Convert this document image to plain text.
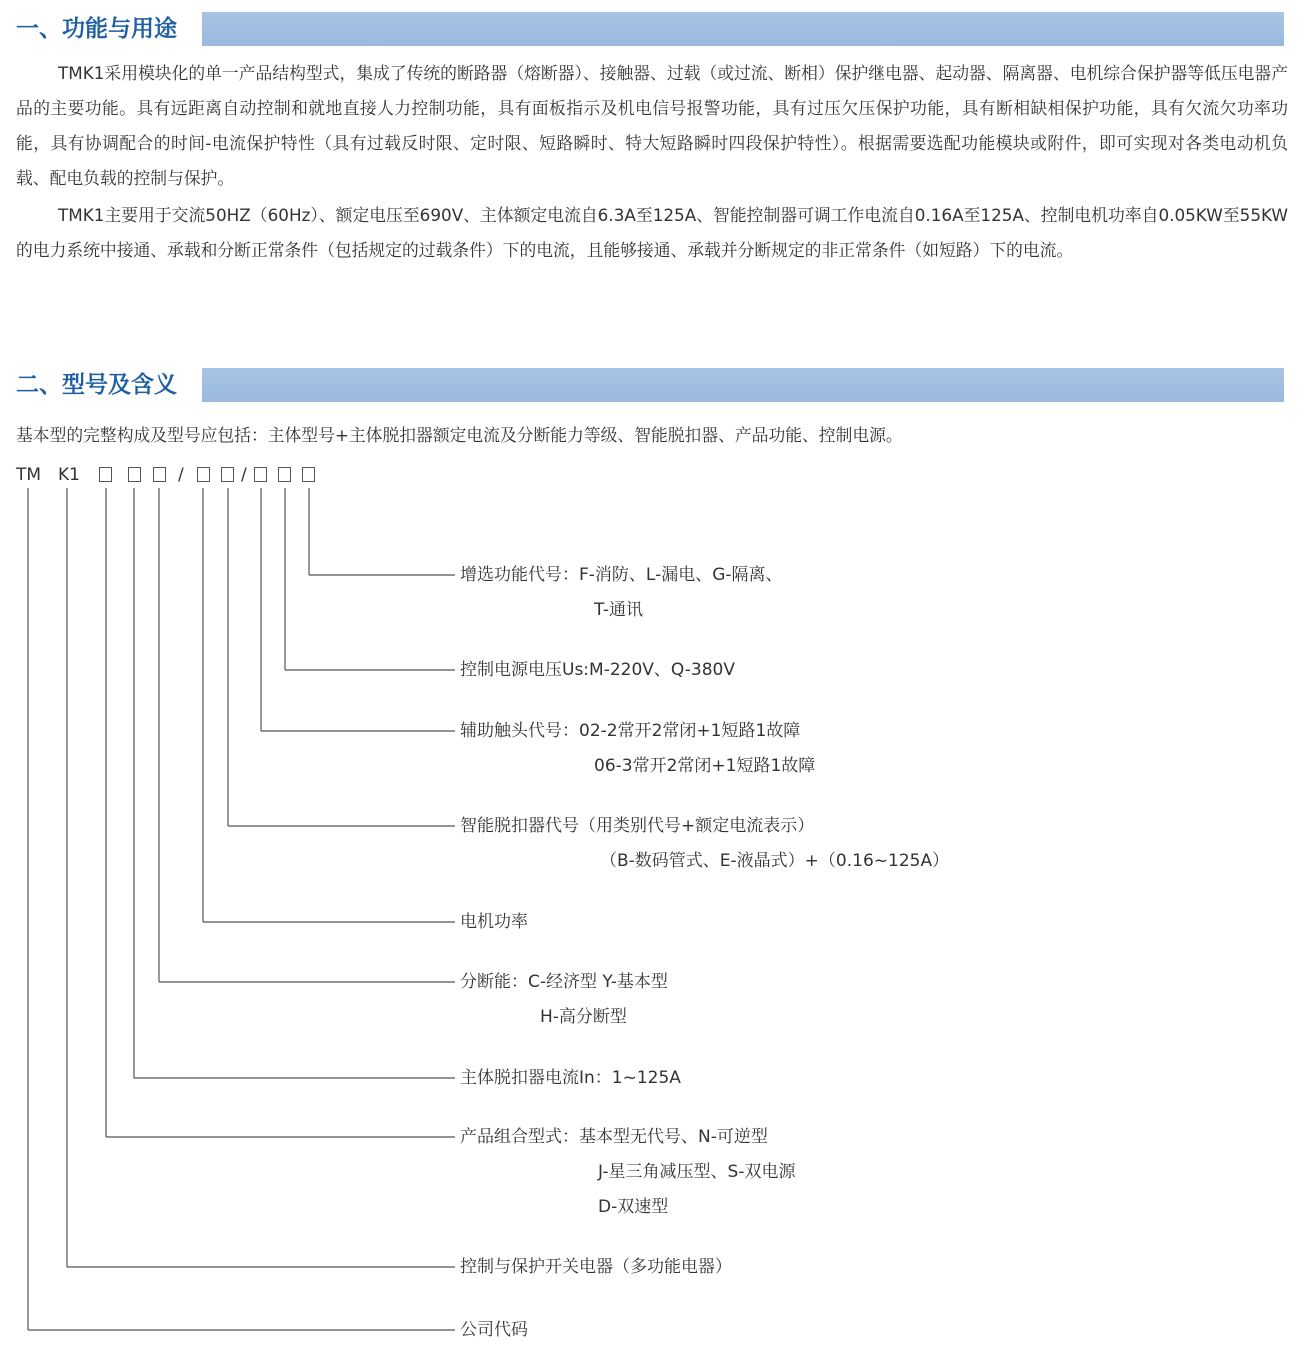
一、功能与用途

TMK1采用模块化的单一产品结构型式，集成了传统的断路器（熔断器）、接触器、过载（或过流、断相）保护继电器、起动器、隔离器、电机综合保护器等低压电器产品的主要功能。具有远距离自动控制和就地直接人力控制功能，具有面板指示及机电信号报警功能，具有过压欠压保护功能，具有断相缺相保护功能，具有欠流欠功率功能，具有协调配合的时间-电流保护特性（具有过载反时限、定时限、短路瞬时、特大短路瞬时四段保护特性）。根据需要选配功能模块或附件，即可实现对各类电动机负载、配电负载的控制与保护。

TMK1主要用于交流50HZ（60Hz）、额定电压至690V、主体额定电流自6.3A至125A、智能控制器可调工作电流自0.16A至125A、控制电机功率自0.05KW至55KW的电力系统中接通、承载和分断正常条件（包括规定的过载条件）下的电流，且能够接通、承载并分断规定的非正常条件（如短路）下的电流。

二、型号及含义
基本型的完整构成及型号应包括：主体型号+主体脱扣器额定电流及分断能力等级、智能脱扣器、产品功能、控制电源。
TM K1	/	/

增选功能代号：F-消防、L-漏电、G-隔离、
T-通讯

控制电源电压Us:M-220V、Q-380V

辅助触头代号：02-2常开2常闭+1短路1故障
06-3常开2常闭+1短路1故障

智能脱扣器代号（用类别代号+额定电流表示）
（B-数码管式、E-液晶式）+（0.16~125A）

电机功率

分断能：C-经济型 Y-基本型
H-高分断型

主体脱扣器电流In：1~125A

产品组合型式：基本型无代号、N-可逆型
J-星三角减压型、S-双电源
D-双速型

控制与保护开关电器（多功能电器）

公司代码
